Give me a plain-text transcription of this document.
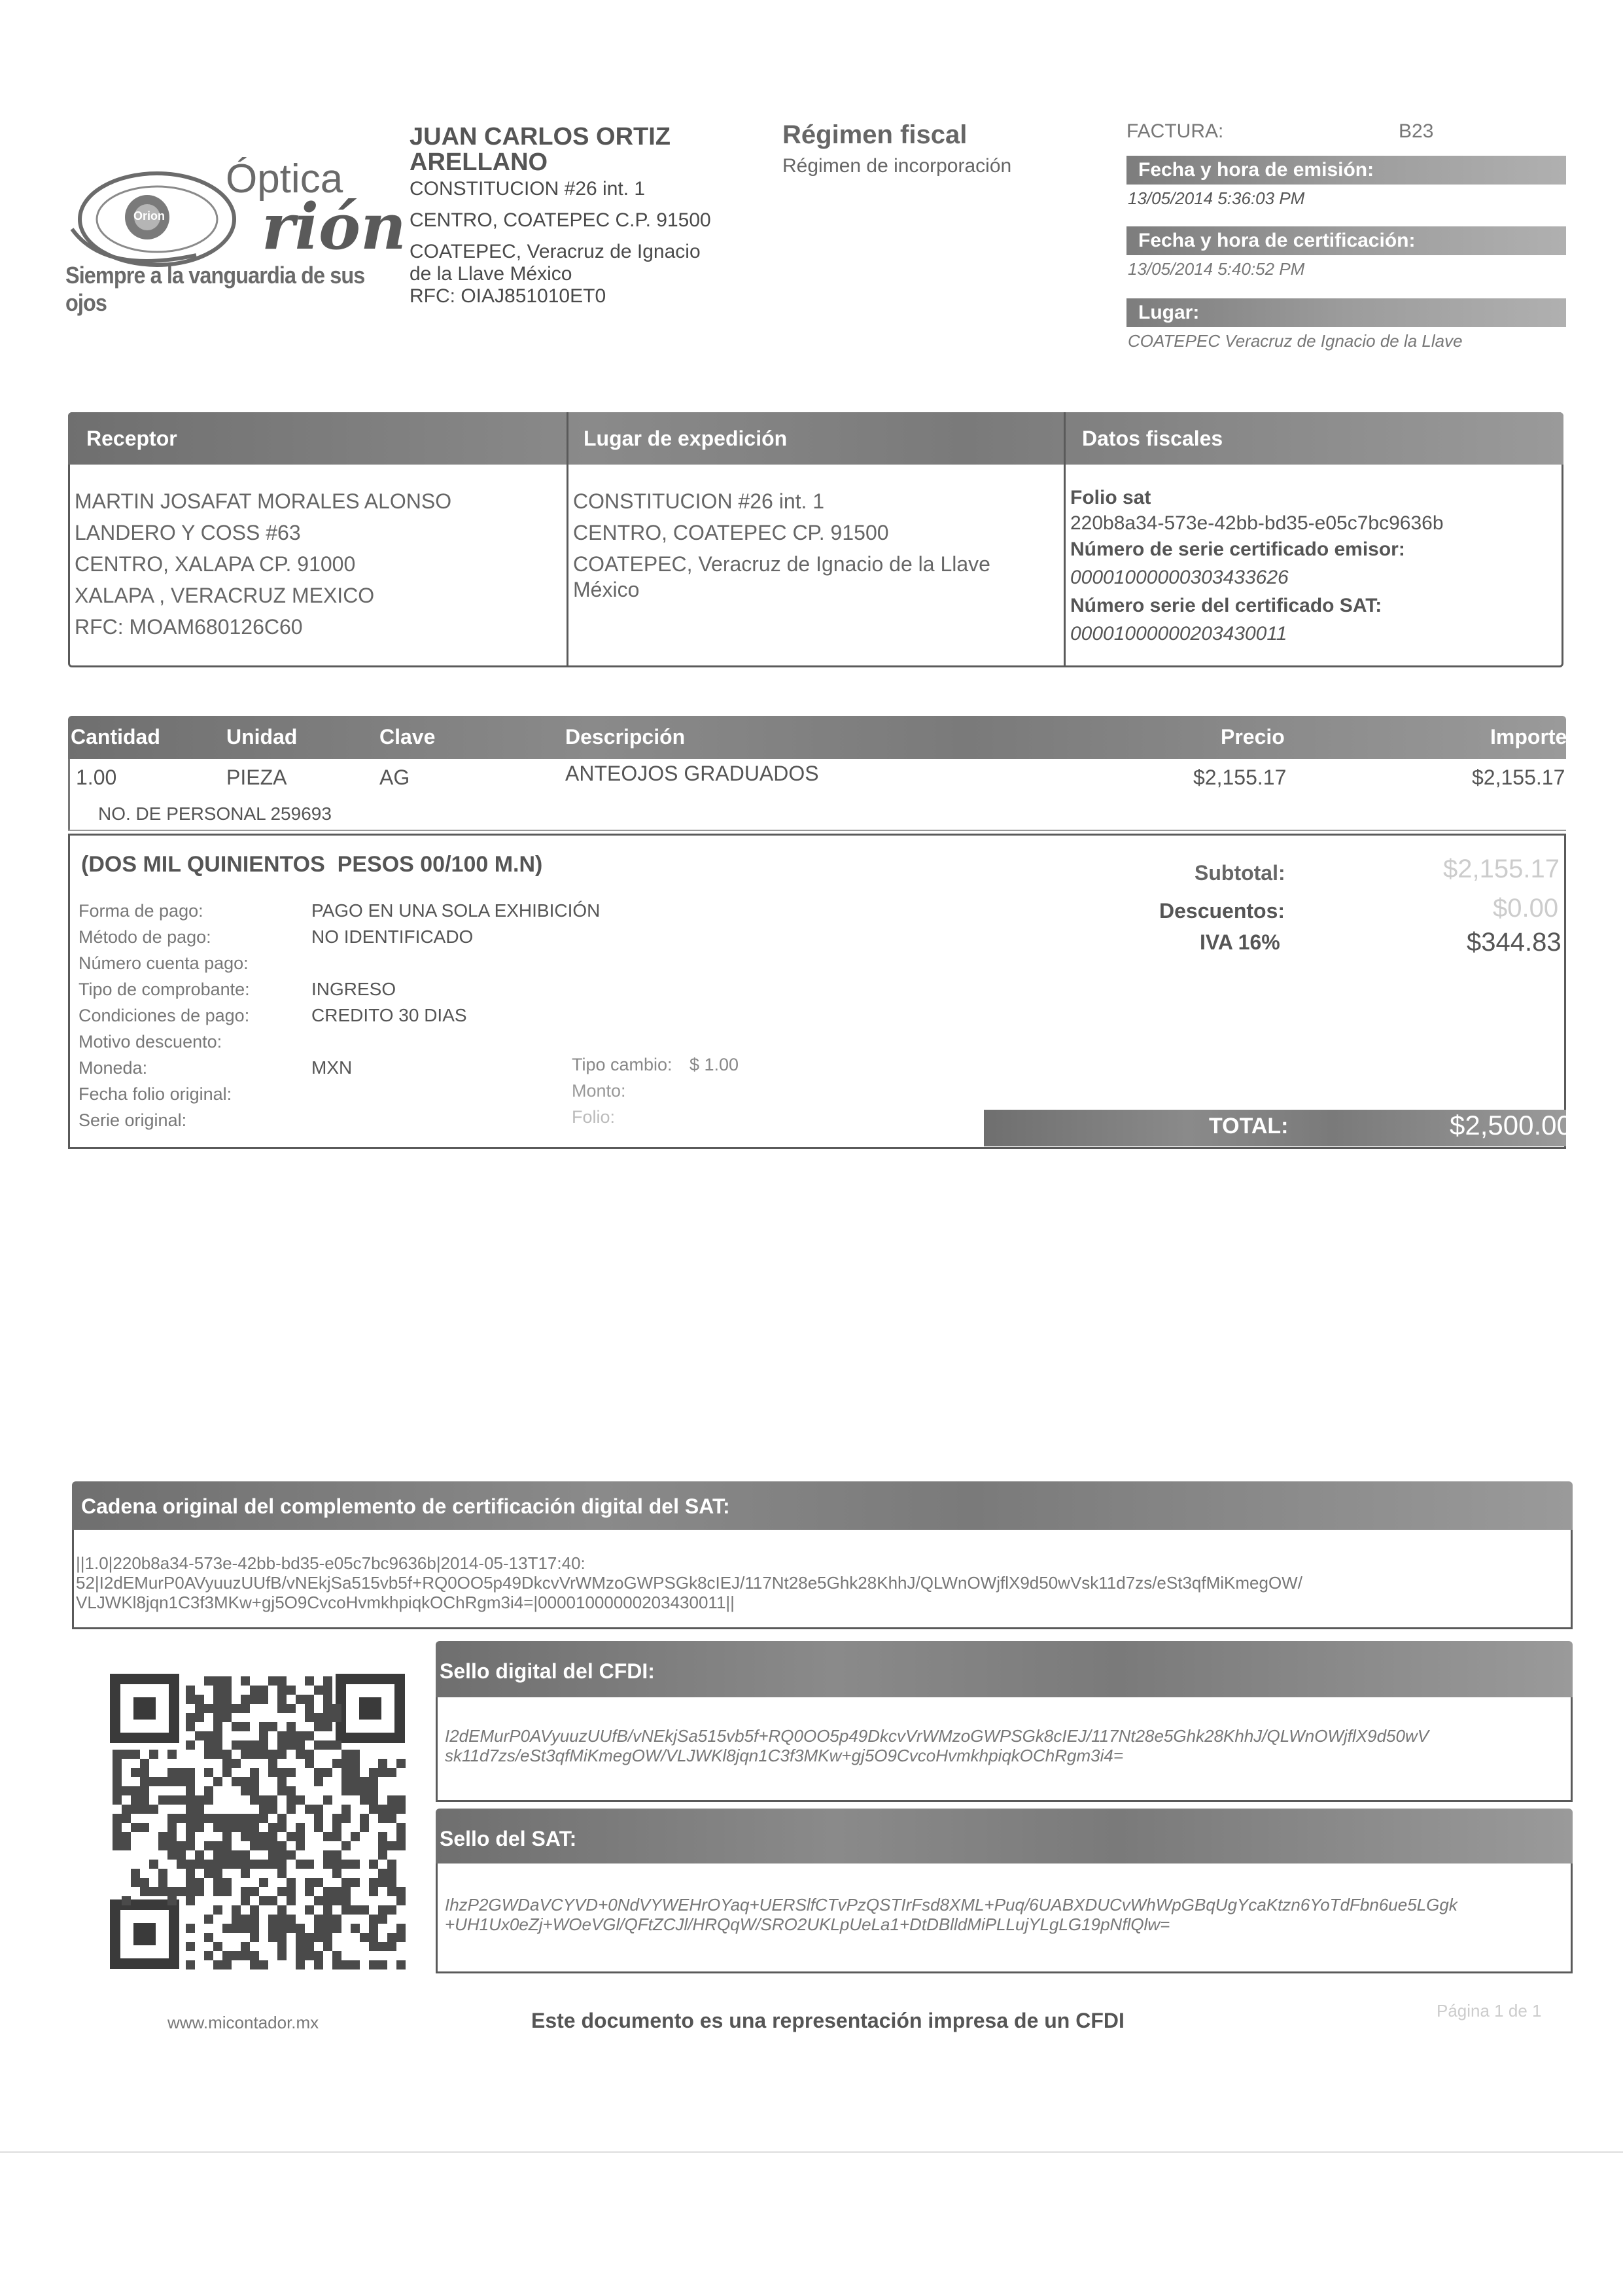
Óptica
rión
Orion
Siempre a la vanguardia de sus ojos
JUAN CARLOS ORTIZ
ARELLANO
CONSTITUCION #26 int. 1
CENTRO, COATEPEC C.P. 91500
COATEPEC, Veracruz de Ignacio
de la Llave México
RFC: OIAJ851010ET0
Régimen fiscal
Régimen de incorporación
FACTURA:	B23
Fecha y hora de emisión:
13/05/2014 5:36:03 PM
Fecha y hora de certificación:
13/05/2014 5:40:52 PM
Lugar:
COATEPEC Veracruz de Ignacio de la Llave
Receptor	Lugar de expedición	Datos fiscales
MARTIN JOSAFAT MORALES ALONSO
LANDERO Y COSS #63
CENTRO, XALAPA CP. 91000
XALAPA , VERACRUZ MEXICO
RFC: MOAM680126C60
CONSTITUCION #26 int. 1
CENTRO, COATEPEC CP. 91500
COATEPEC, Veracruz de Ignacio de la Llave
México
Folio sat
220b8a34-573e-42bb-bd35-e05c7bc9636b
Número de serie certificado emisor:
00001000000303433626
Número serie del certificado SAT:
00001000000203430011
Cantidad	Unidad	Clave	Descripción	Precio	Importe
1.00	PIEZA	AG	ANTEOJOS GRADUADOS	$2,155.17	$2,155.17
NO. DE PERSONAL 259693
(DOS MIL QUINIENTOS  PESOS 00/100 M.N)
Forma de pago:	PAGO EN UNA SOLA EXHIBICIÓN
Método de pago:	NO IDENTIFICADO
Número cuenta pago:
Tipo de comprobante:	INGRESO
Condiciones de pago:	CREDITO 30 DIAS
Motivo descuento:
Moneda:	MXN
Fecha folio original:
Serie original:
Tipo cambio: $ 1.00
Monto:
Folio:
Subtotal:	$2,155.17
Descuentos:	$0.00
IVA 16%	$344.83
TOTAL:	$2,500.00
Cadena original del complemento de certificación digital del SAT:
||1.0|220b8a34-573e-42bb-bd35-e05c7bc9636b|2014-05-13T17:40:
52|I2dEMurP0AVyuuzUUfB/vNEkjSa515vb5f+RQ0OO5p49DkcvVrWMzoGWPSGk8cIEJ/117Nt28e5Ghk28KhhJ/QLWnOWjflX9d50wVsk11d7zs/eSt3qfMiKmegOW/
VLJWKl8jqn1C3f3MKw+gj5O9CvcoHvmkhpiqkOChRgm3i4=|00001000000203430011||
Sello digital del CFDI:
I2dEMurP0AVyuuzUUfB/vNEkjSa515vb5f+RQ0OO5p49DkcvVrWMzoGWPSGk8cIEJ/117Nt28e5Ghk28KhhJ/QLWnOWjflX9d50wV
sk11d7zs/eSt3qfMiKmegOW/VLJWKl8jqn1C3f3MKw+gj5O9CvcoHvmkhpiqkOChRgm3i4=
Sello del SAT:
IhzP2GWDaVCYVD+0NdVYWEHrOYaq+UERSlfCTvPzQSTIrFsd8XML+Puq/6UABXDUCvWhWpGBqUgYcaKtzn6YoTdFbn6ue5LGgk
+UH1Ux0eZj+WOeVGl/QFtZCJl/HRQqW/SRO2UKLpUeLa1+DtDBlldMiPLLujYLgLG19pNflQlw=
www.micontador.mx	Este documento es una representación impresa de un CFDI	Página 1 de 1
